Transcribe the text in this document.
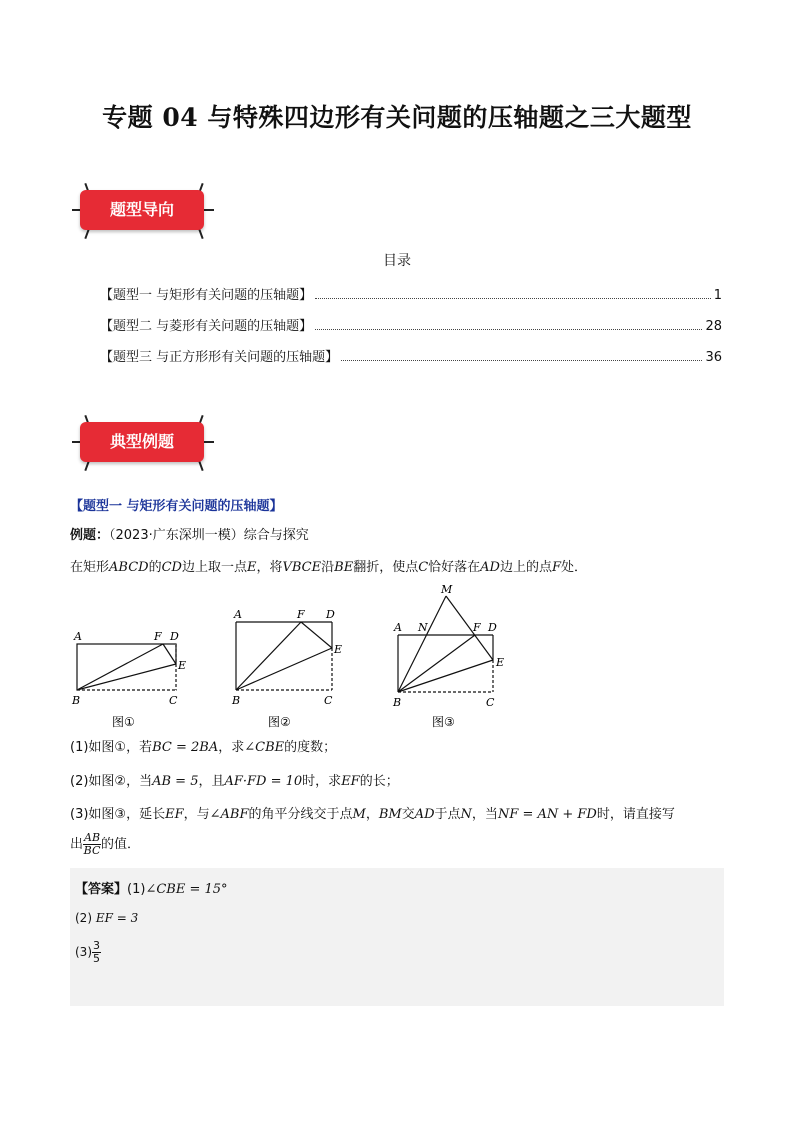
专题 04 与特殊四边形有关问题的压轴题之三大题型
题型导向
目录
【题型一 与矩形有关问题的压轴题】	1
【题型二 与菱形有关问题的压轴题】	28
【题型三 与正方形形有关问题的压轴题】	36
典型例题
【题型一 与矩形有关问题的压轴题】
例题：（2023·广东深圳一模）综合与探究
在矩形ABCD的CD边上取一点E，将VBCE沿BE翻折，使点C恰好落在AD边上的点F处．
A	F D
E
B	C
图①
A	F D
E
B	C
图②
M
A N	F D
E
B	C
图③
(1)如图①，若BC = 2BA，求∠CBE的度数；
(2)如图②，当AB = 5，且AF·FD = 10时，求EF的长；
(3)如图③，延长EF，与∠ABF的角平分线交于点M，BM交AD于点N，当NF = AN + FD时，请直接写
出 $\frac{AB}{BC}$ 的值．
【答案】(1)∠CBE = 15°
(2) EF = 3
$(3) \frac{3}{5}$
